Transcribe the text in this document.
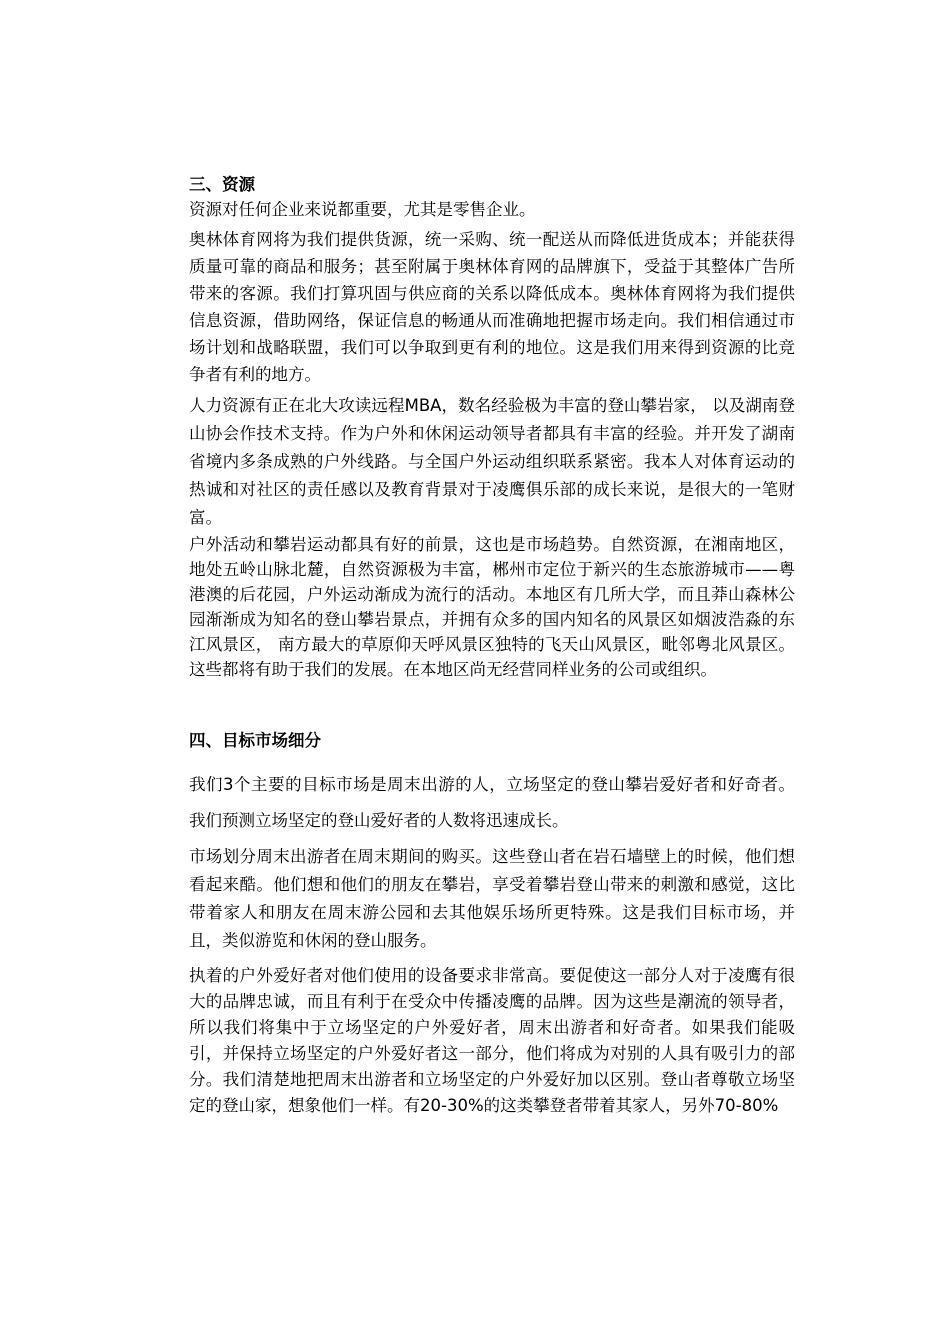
三、资源

资源对任何企业来说都重要，尤其是零售企业。

奥林体育网将为我们提供货源，统一采购、统一配送从而降低进货成本；并能获得质量可靠的商品和服务；甚至附属于奥林体育网的品牌旗下，受益于其整体广告所带来的客源。我们打算巩固与供应商的关系以降低成本。奥林体育网将为我们提供信息资源，借助网络，保证信息的畅通从而准确地把握市场走向。我们相信通过市场计划和战略联盟，我们可以争取到更有利的地位。这是我们用来得到资源的比竞争者有利的地方。

人力资源有正在北大攻读远程MBA，数名经验极为丰富的登山攀岩家， 以及湖南登山协会作技术支持。作为户外和休闲运动领导者都具有丰富的经验。并开发了湖南省境内多条成熟的户外线路。与全国户外运动组织联系紧密。我本人对体育运动的热诚和对社区的责任感以及教育背景对于凌鹰俱乐部的成长来说，是很大的一笔财富。

户外活动和攀岩运动都具有好的前景，这也是市场趋势。自然资源，在湘南地区，地处五岭山脉北麓，自然资源极为丰富，郴州市定位于新兴的生态旅游城市——粤港澳的后花园，户外运动渐成为流行的活动。本地区有几所大学，而且莽山森林公园渐渐成为知名的登山攀岩景点，并拥有众多的国内知名的风景区如烟波浩淼的东江风景区， 南方最大的草原仰天呼风景区独特的飞天山风景区，毗邻粤北风景区。这些都将有助于我们的发展。在本地区尚无经营同样业务的公司或组织。

四、目标市场细分

我们3个主要的目标市场是周末出游的人，立场坚定的登山攀岩爱好者和好奇者。 我们预测立场坚定的登山爱好者的人数将迅速成长。

市场划分周末出游者在周末期间的购买。这些登山者在岩石墙壁上的时候，他们想看起来酷。他们想和他们的朋友在攀岩，享受着攀岩登山带来的刺激和感觉，这比带着家人和朋友在周末游公园和去其他娱乐场所更特殊。这是我们目标市场，并且，类似游览和休闲的登山服务。

执着的户外爱好者对他们使用的设备要求非常高。要促使这一部分人对于凌鹰有很大的品牌忠诚，而且有利于在受众中传播凌鹰的品牌。因为这些是潮流的领导者，所以我们将集中于立场坚定的户外爱好者，周末出游者和好奇者。如果我们能吸引，并保持立场坚定的户外爱好者这一部分，他们将成为对别的人具有吸引力的部分。我们清楚地把周末出游者和立场坚定的户外爱好加以区别。登山者尊敬立场坚定的登山家，想象他们一样。有20-30%的这类攀登者带着其家人，另外70-80%
